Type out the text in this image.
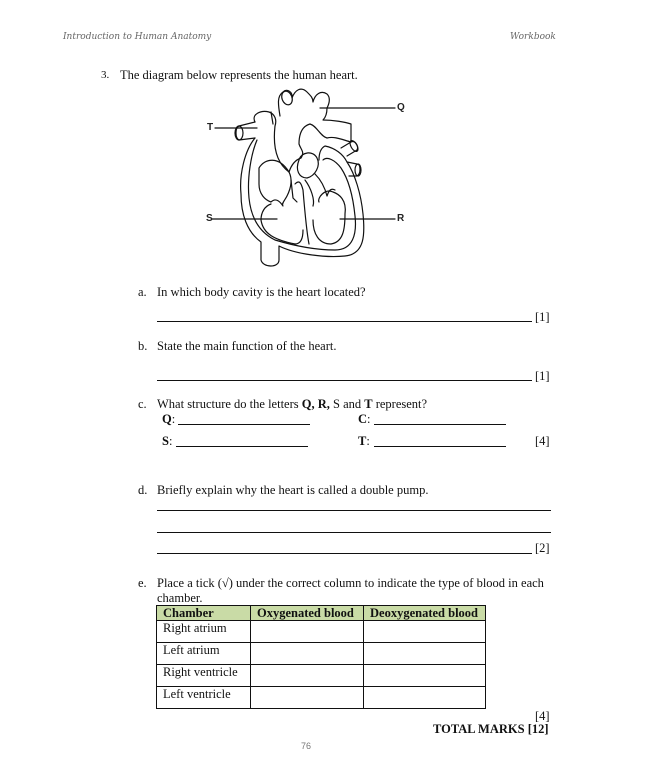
Introduction to Human Anatomy	Workbook
3. The diagram below represents the human heart.
Q
T
S	R
a. In which body cavity is the heart located?
[1]
b. State the main function of the heart.
[1]
c. What structure do the letters Q, R, S and T represent?
Q:	C:
S:	T:	[4]
d. Briefly explain why the heart is called a double pump.
[2]
e. Place a tick (√) under the correct column to indicate the type of blood in each
chamber.
Chamber	Oxygenated blood	Deoxygenated blood
Right atrium		
Left atrium		
Right ventricle		
Left ventricle		
[4]
TOTAL MARKS [12]
76
